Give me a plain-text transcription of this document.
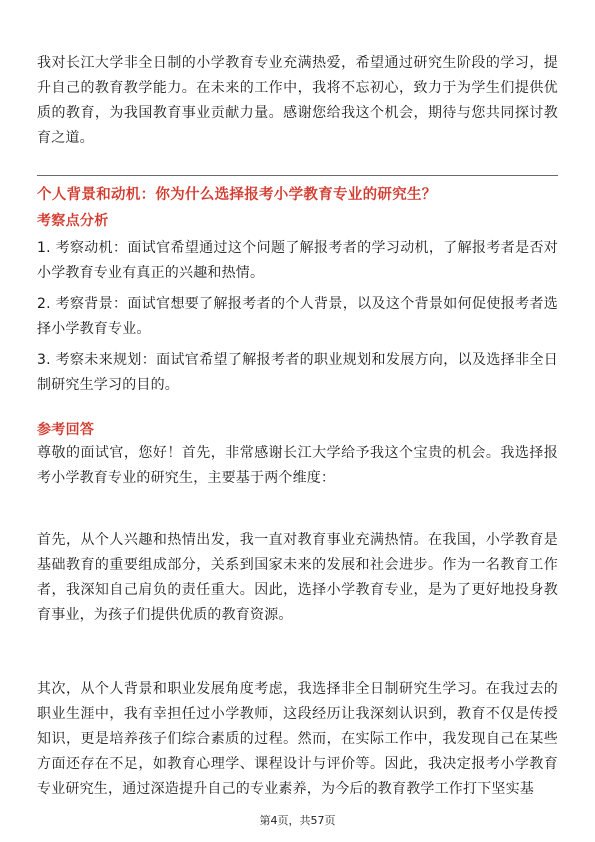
我对长江大学非全日制的小学教育专业充满热爱，希望通过研究生阶段的学习，提升自己的教育教学能力。在未来的工作中，我将不忘初心，致力于为学生们提供优质的教育，为我国教育事业贡献力量。感谢您给我这个机会，期待与您共同探讨教育之道。

个人背景和动机：你为什么选择报考小学教育专业的研究生？
考察点分析

1. 考察动机：面试官希望通过这个问题了解报考者的学习动机，了解报考者是否对小学教育专业有真正的兴趣和热情。

2. 考察背景：面试官想要了解报考者的个人背景，以及这个背景如何促使报考者选择小学教育专业。

3. 考察未来规划：面试官希望了解报考者的职业规划和发展方向，以及选择非全日制研究生学习的目的。

参考回答

尊敬的面试官，您好！首先，非常感谢长江大学给予我这个宝贵的机会。我选择报考小学教育专业的研究生，主要基于两个维度：

首先，从个人兴趣和热情出发，我一直对教育事业充满热情。在我国，小学教育是基础教育的重要组成部分，关系到国家未来的发展和社会进步。作为一名教育工作者，我深知自己肩负的责任重大。因此，选择小学教育专业，是为了更好地投身教育事业，为孩子们提供优质的教育资源。

其次，从个人背景和职业发展角度考虑，我选择非全日制研究生学习。在我过去的职业生涯中，我有幸担任过小学教师，这段经历让我深刻认识到，教育不仅是传授知识，更是培养孩子们综合素质的过程。然而，在实际工作中，我发现自己在某些方面还存在不足，如教育心理学、课程设计与评价等。因此，我决定报考小学教育专业研究生，通过深造提升自己的专业素养，为今后的教育教学工作打下坚实基

第4页，共57页
